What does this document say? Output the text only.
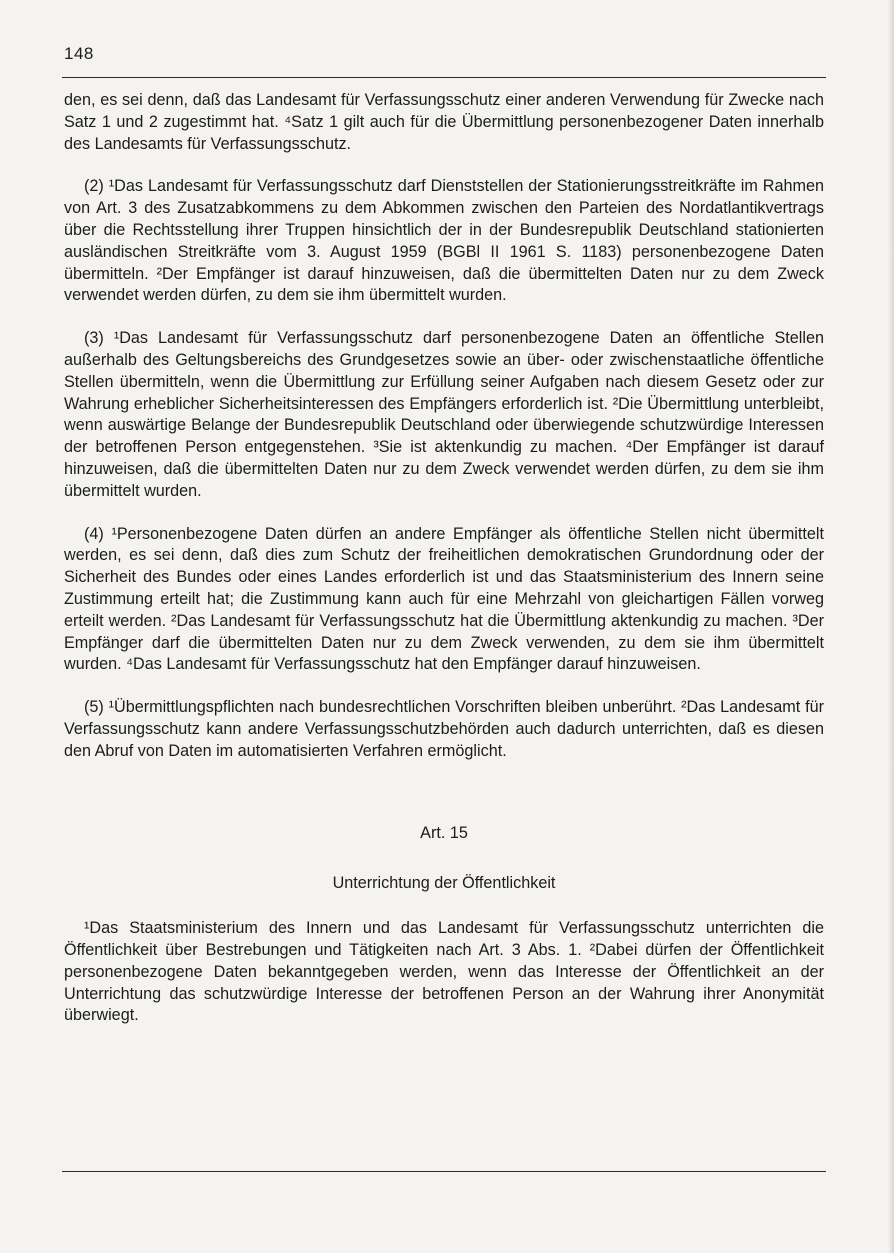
148

den, es sei denn, daß das Landesamt für Verfassungsschutz einer anderen Verwendung für Zwecke nach Satz 1 und 2 zugestimmt hat. ⁴Satz 1 gilt auch für die Übermittlung personenbezogener Daten innerhalb des Landesamts für Verfassungsschutz.

(2) ¹Das Landesamt für Verfassungsschutz darf Dienststellen der Stationierungsstreitkräfte im Rahmen von Art. 3 des Zusatzabkommens zu dem Abkommen zwischen den Parteien des Nordatlantikvertrags über die Rechtsstellung ihrer Truppen hinsichtlich der in der Bundesrepublik Deutschland stationierten ausländischen Streitkräfte vom 3. August 1959 (BGBl II 1961 S. 1183) personenbezogene Daten übermitteln. ²Der Empfänger ist darauf hinzuweisen, daß die übermittelten Daten nur zu dem Zweck verwendet werden dürfen, zu dem sie ihm übermittelt wurden.

(3) ¹Das Landesamt für Verfassungsschutz darf personenbezogene Daten an öffentliche Stellen außerhalb des Geltungsbereichs des Grundgesetzes sowie an über- oder zwischenstaatliche öffentliche Stellen übermitteln, wenn die Übermittlung zur Erfüllung seiner Aufgaben nach diesem Gesetz oder zur Wahrung erheblicher Sicherheitsinteressen des Empfängers erforderlich ist. ²Die Übermittlung unterbleibt, wenn auswärtige Belange der Bundesrepublik Deutschland oder überwiegende schutzwürdige Interessen der betroffenen Person entgegenstehen. ³Sie ist aktenkundig zu machen. ⁴Der Empfänger ist darauf hinzuweisen, daß die übermittelten Daten nur zu dem Zweck verwendet werden dürfen, zu dem sie ihm übermittelt wurden.

(4) ¹Personenbezogene Daten dürfen an andere Empfänger als öffentliche Stellen nicht übermittelt werden, es sei denn, daß dies zum Schutz der freiheitlichen demokratischen Grundordnung oder der Sicherheit des Bundes oder eines Landes erforderlich ist und das Staatsministerium des Innern seine Zustimmung erteilt hat; die Zustimmung kann auch für eine Mehrzahl von gleichartigen Fällen vorweg erteilt werden. ²Das Landesamt für Verfassungsschutz hat die Übermittlung aktenkundig zu machen. ³Der Empfänger darf die übermittelten Daten nur zu dem Zweck verwenden, zu dem sie ihm übermittelt wurden. ⁴Das Landesamt für Verfassungsschutz hat den Empfänger darauf hinzuweisen.

(5) ¹Übermittlungspflichten nach bundesrechtlichen Vorschriften bleiben unberührt. ²Das Landesamt für Verfassungsschutz kann andere Verfassungsschutzbehörden auch dadurch unterrichten, daß es diesen den Abruf von Daten im automatisierten Verfahren ermöglicht.

Art. 15

Unterrichtung der Öffentlichkeit

¹Das Staatsministerium des Innern und das Landesamt für Verfassungsschutz unterrichten die Öffentlichkeit über Bestrebungen und Tätigkeiten nach Art. 3 Abs. 1. ²Dabei dürfen der Öffentlichkeit personenbezogene Daten bekanntgegeben werden, wenn das Interesse der Öffentlichkeit an der Unterrichtung das schutzwürdige Interesse der betroffenen Person an der Wahrung ihrer Anonymität überwiegt.
